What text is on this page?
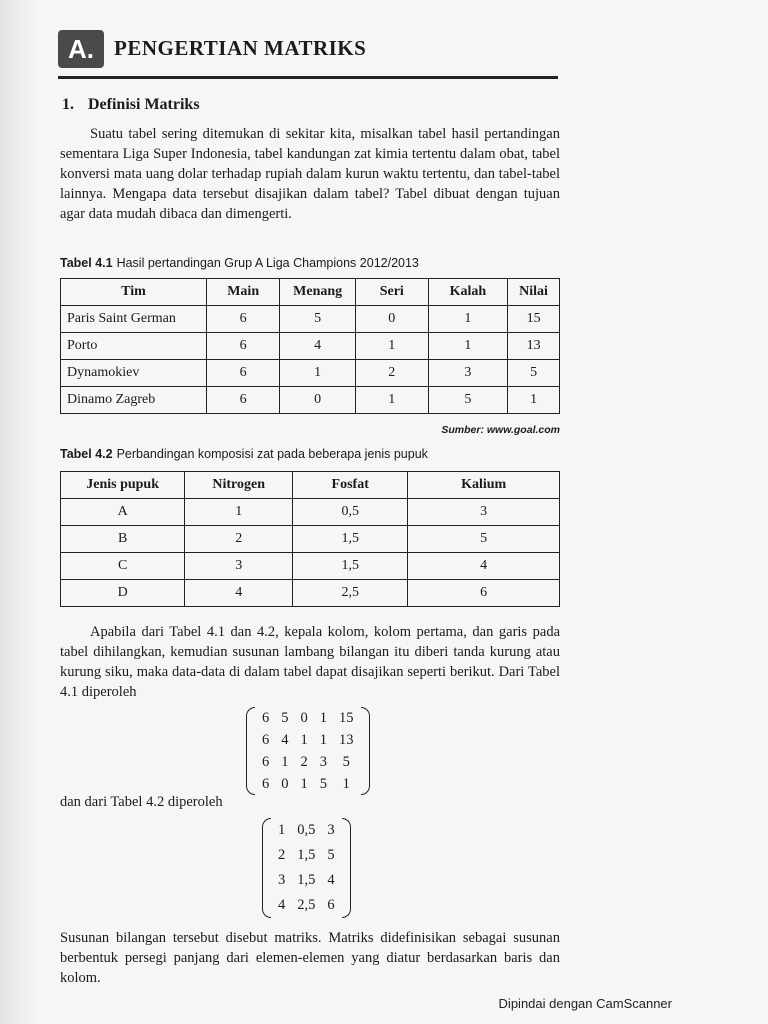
A. PENGERTIAN MATRIKS
1. Definisi Matriks
Suatu tabel sering ditemukan di sekitar kita, misalkan tabel hasil pertandingan sementara Liga Super Indonesia, tabel kandungan zat kimia tertentu dalam obat, tabel konversi mata uang dolar terhadap rupiah dalam kurun waktu tertentu, dan tabel-tabel lainnya. Mengapa data tersebut disajikan dalam tabel? Tabel dibuat dengan tujuan agar data mudah dibaca dan dimengerti.
Tabel 4.1 Hasil pertandingan Grup A Liga Champions 2012/2013
Tim	Main	Menang	Seri	Kalah	Nilai
Paris Saint German	6	5	0	1	15
Porto	6	4	1	1	13
Dynamokiev	6	1	2	3	5
Dinamo Zagreb	6	0	1	5	1
Sumber: www.goal.com
Tabel 4.2 Perbandingan komposisi zat pada beberapa jenis pupuk
Jenis pupuk	Nitrogen	Fosfat	Kalium
A	1	0,5	3
B	2	1,5	5
C	3	1,5	4
D	4	2,5	6
Apabila dari Tabel 4.1 dan 4.2, kepala kolom, kolom pertama, dan garis pada tabel dihilangkan, kemudian susunan lambang bilangan itu diberi tanda kurung atau kurung siku, maka data-data di dalam tabel dapat disajikan seperti berikut. Dari Tabel 4.1 diperoleh
6	5	0	1	15
6	4	1	1	13
6	1	2	3	5
6	0	1	5	1
dan dari Tabel 4.2 diperoleh
1	0,5	3
2	1,5	5
3	1,5	4
4	2,5	6
Susunan bilangan tersebut disebut matriks. Matriks didefinisikan sebagai susunan berbentuk persegi panjang dari elemen-elemen yang diatur berdasarkan baris dan kolom.
Dipindai dengan CamScanner
